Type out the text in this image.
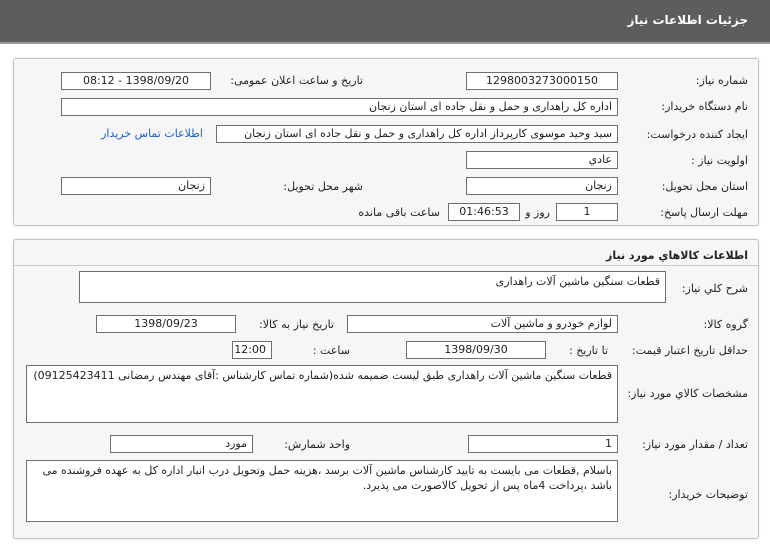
جزئیات اطلاعات نیاز
شماره نیاز:
1298003273000150
تاریخ و ساعت اعلان عمومی:
1398/09/20 - 08:12
نام دستگاه خریدار:
اداره کل راهداری و حمل و نقل جاده ای استان زنجان
ایجاد کننده درخواست:
سید وحید موسوی کارپرداز اداره کل راهداری و حمل و نقل جاده ای استان زنجان
اطلاعات تماس خریدار
اولویت نیاز :
عادي
استان محل تحویل:
زنجان
شهر محل تحویل:
زنجان
مهلت ارسال پاسخ:
1
روز و
01:46:53
ساعت باقی مانده
اطلاعات کالاهاي مورد نياز
شرح کلي نياز:
قطعات سنگین ماشین آلات راهداری
گروه کالا:
لوازم خودرو و ماشین آلات
تاریخ نیاز به کالا:
1398/09/23
حداقل تاریخ اعتبار قیمت:
تا تاریخ :
1398/09/30
ساعت :
12:00
مشخصات کالاي مورد نياز:
قطعات سنگین ماشین آلات راهداری طبق لیست ضمیمه شده(شماره تماس کارشناس :آقای مهندس رمضانی 09125423411)
تعداد / مقدار مورد نیاز:
1
واحد شمارش:
مورد
توضیحات خریدار:
باسلام ,قطعات می بایست به تایید کارشناس ماشین آلات برسد ،هزینه حمل وتحویل درب انبار اداره کل به عهده فروشنده می باشد ،پرداخت 4ماه پس از تحویل کالاصورت می پذیرد.
